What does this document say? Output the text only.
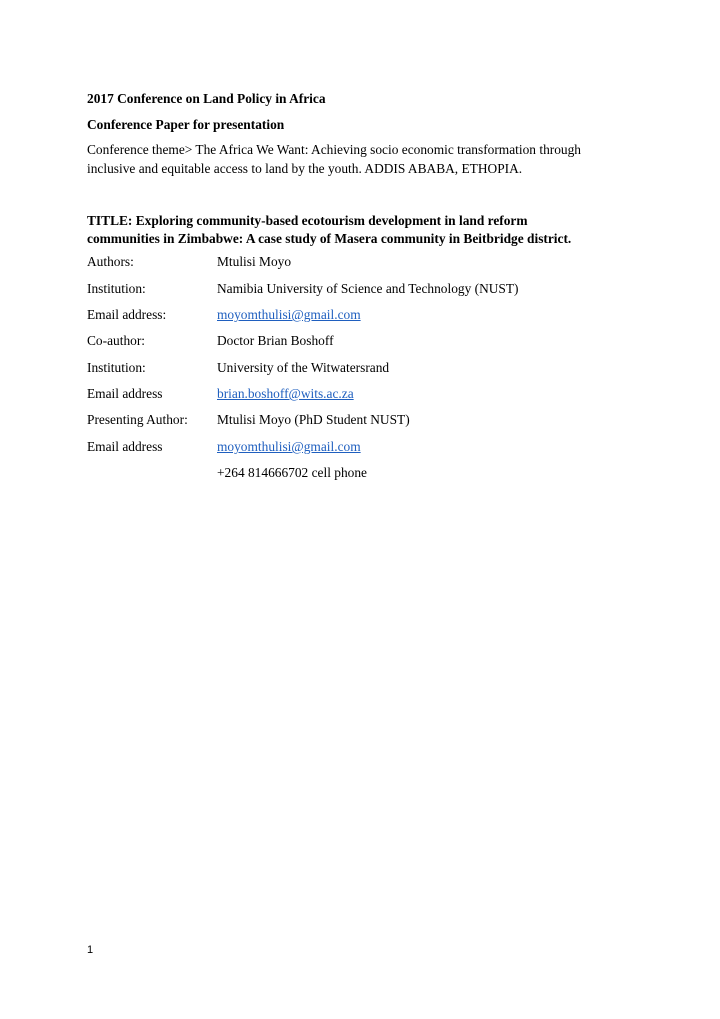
2017 Conference on Land Policy in Africa
Conference Paper for presentation
Conference theme> The Africa We Want: Achieving socio economic transformation through
inclusive and equitable access to land by the youth. ADDIS ABABA, ETHOPIA.
TITLE: Exploring community-based ecotourism development in land reform
communities in Zimbabwe: A case study of Masera community in Beitbridge district.
Authors:	Mtulisi Moyo
Institution:	Namibia University of Science and Technology (NUST)
Email address:	moyomthulisi@gmail.com
Co-author:	Doctor Brian Boshoff
Institution:	University of the Witwatersrand
Email address	brian.boshoff@wits.ac.za
Presenting Author: Mtulisi Moyo (PhD Student NUST)
Email address	moyomthulisi@gmail.com
+264 814666702 cell phone
1
